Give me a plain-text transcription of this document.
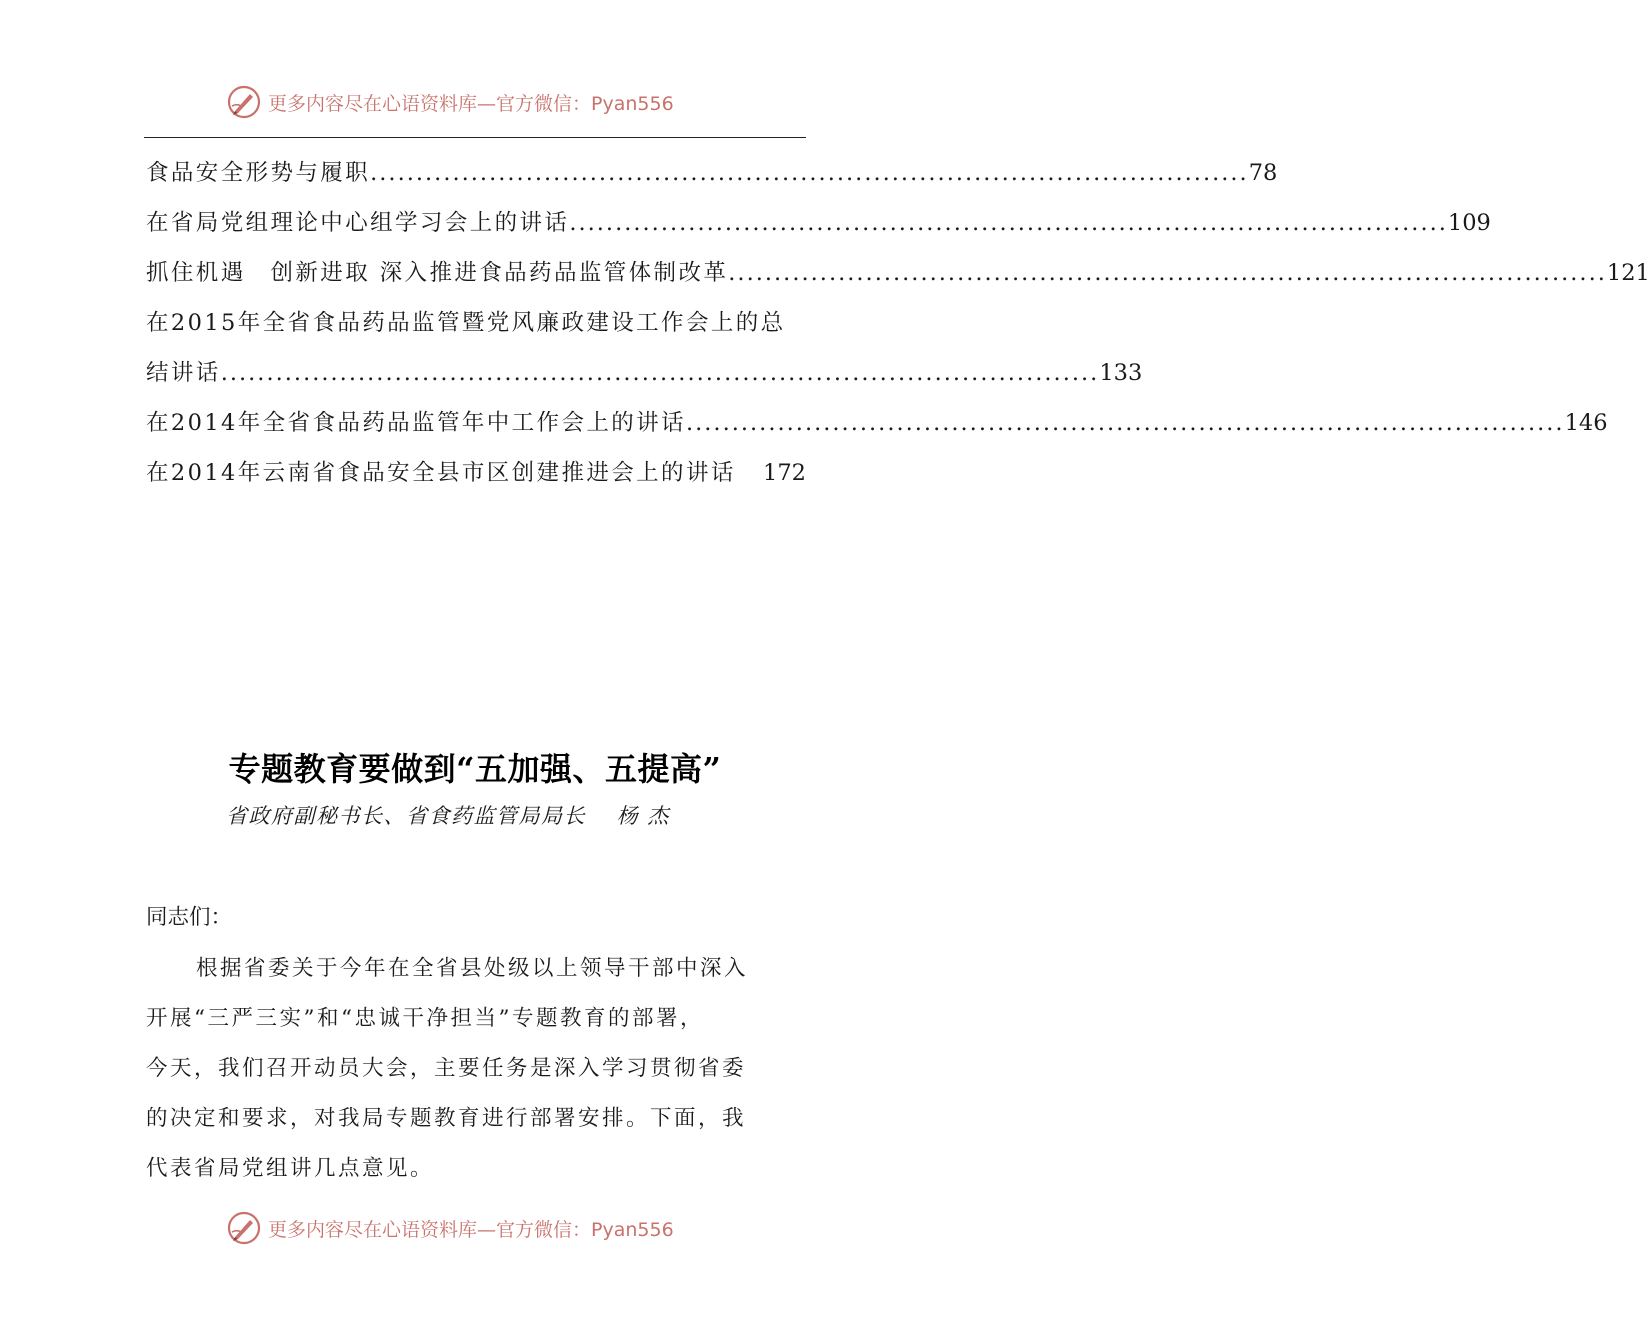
更多内容尽在心语资料库—官方微信：Pyan556
食品安全形势与履职 ................................................................................................ 78
在省局党组理论中心组学习会上的讲话 ................................................................................................ 109
抓住机遇　创新进取 深入推进食品药品监管体制改革 ................................................................................................ 121
在2015年全省食品药品监管暨党风廉政建设工作会上的总
结讲话 ................................................................................................ 133
在2014年全省食品药品监管年中工作会上的讲话 ................................................................................................ 146
在2014年云南省食品安全县市区创建推进会上的讲话 172
专题教育要做到“五加强、五提高”
省政府副秘书长、省食药监管局局长　 杨 杰
同志们：
根据省委关于今年在全省县处级以上领导干部中深入
开展“三严三实”和“忠诚干净担当”专题教育的部署，
今天，我们召开动员大会，主要任务是深入学习贯彻省委
的决定和要求，对我局专题教育进行部署安排。下面，我
代表省局党组讲几点意见。
更多内容尽在心语资料库—官方微信：Pyan556
